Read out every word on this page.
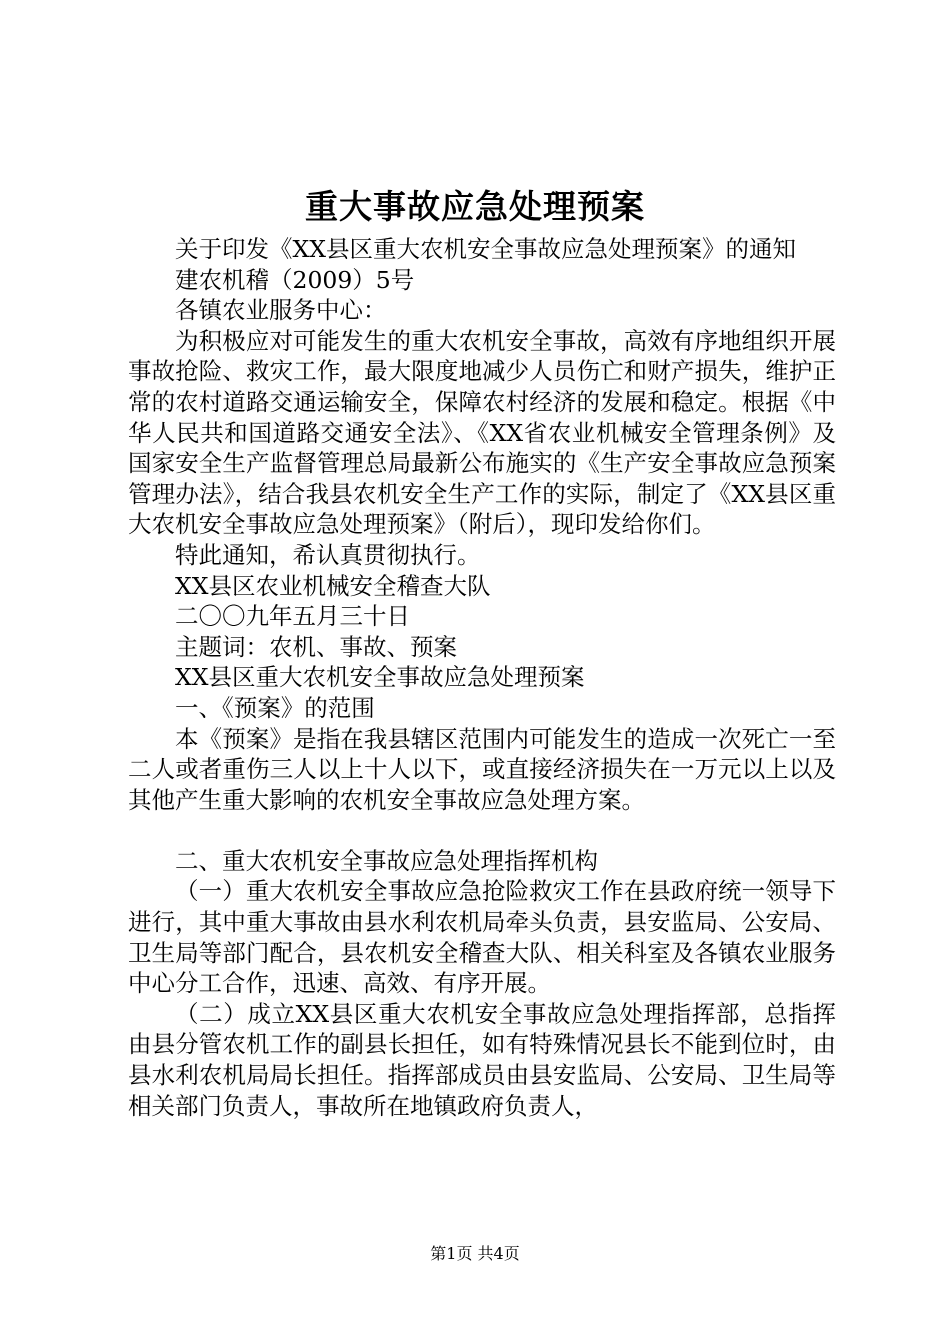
重大事故应急处理预案

关于印发《XX县区重大农机安全事故应急处理预案》的通知

建农机稽（2009）5号

各镇农业服务中心：

为积极应对可能发生的重大农机安全事故，高效有序地组织开展事故抢险、救灾工作，最大限度地减少人员伤亡和财产损失，维护正常的农村道路交通运输安全，保障农村经济的发展和稳定。根据《中华人民共和国道路交通安全法》、《XX省农业机械安全管理条例》及国家安全生产监督管理总局最新公布施实的《生产安全事故应急预案管理办法》，结合我县农机安全生产工作的实际，制定了《XX县区重大农机安全事故应急处理预案》（附后），现印发给你们。

特此通知，希认真贯彻执行。

XX县区农业机械安全稽查大队

二〇〇九年五月三十日

主题词：农机、事故、预案

XX县区重大农机安全事故应急处理预案

一、《预案》的范围

本《预案》是指在我县辖区范围内可能发生的造成一次死亡一至二人或者重伤三人以上十人以下，或直接经济损失在一万元以上以及其他产生重大影响的农机安全事故应急处理方案。

二、重大农机安全事故应急处理指挥机构

（一）重大农机安全事故应急抢险救灾工作在县政府统一领导下进行，其中重大事故由县水利农机局牵头负责，县安监局、公安局、卫生局等部门配合，县农机安全稽查大队、相关科室及各镇农业服务中心分工合作，迅速、高效、有序开展。

（二）成立XX县区重大农机安全事故应急处理指挥部，总指挥由县分管农机工作的副县长担任，如有特殊情况县长不能到位时，由县水利农机局局长担任。指挥部成员由县安监局、公安局、卫生局等相关部门负责人，事故所在地镇政府负责人，

第1页 共4页
